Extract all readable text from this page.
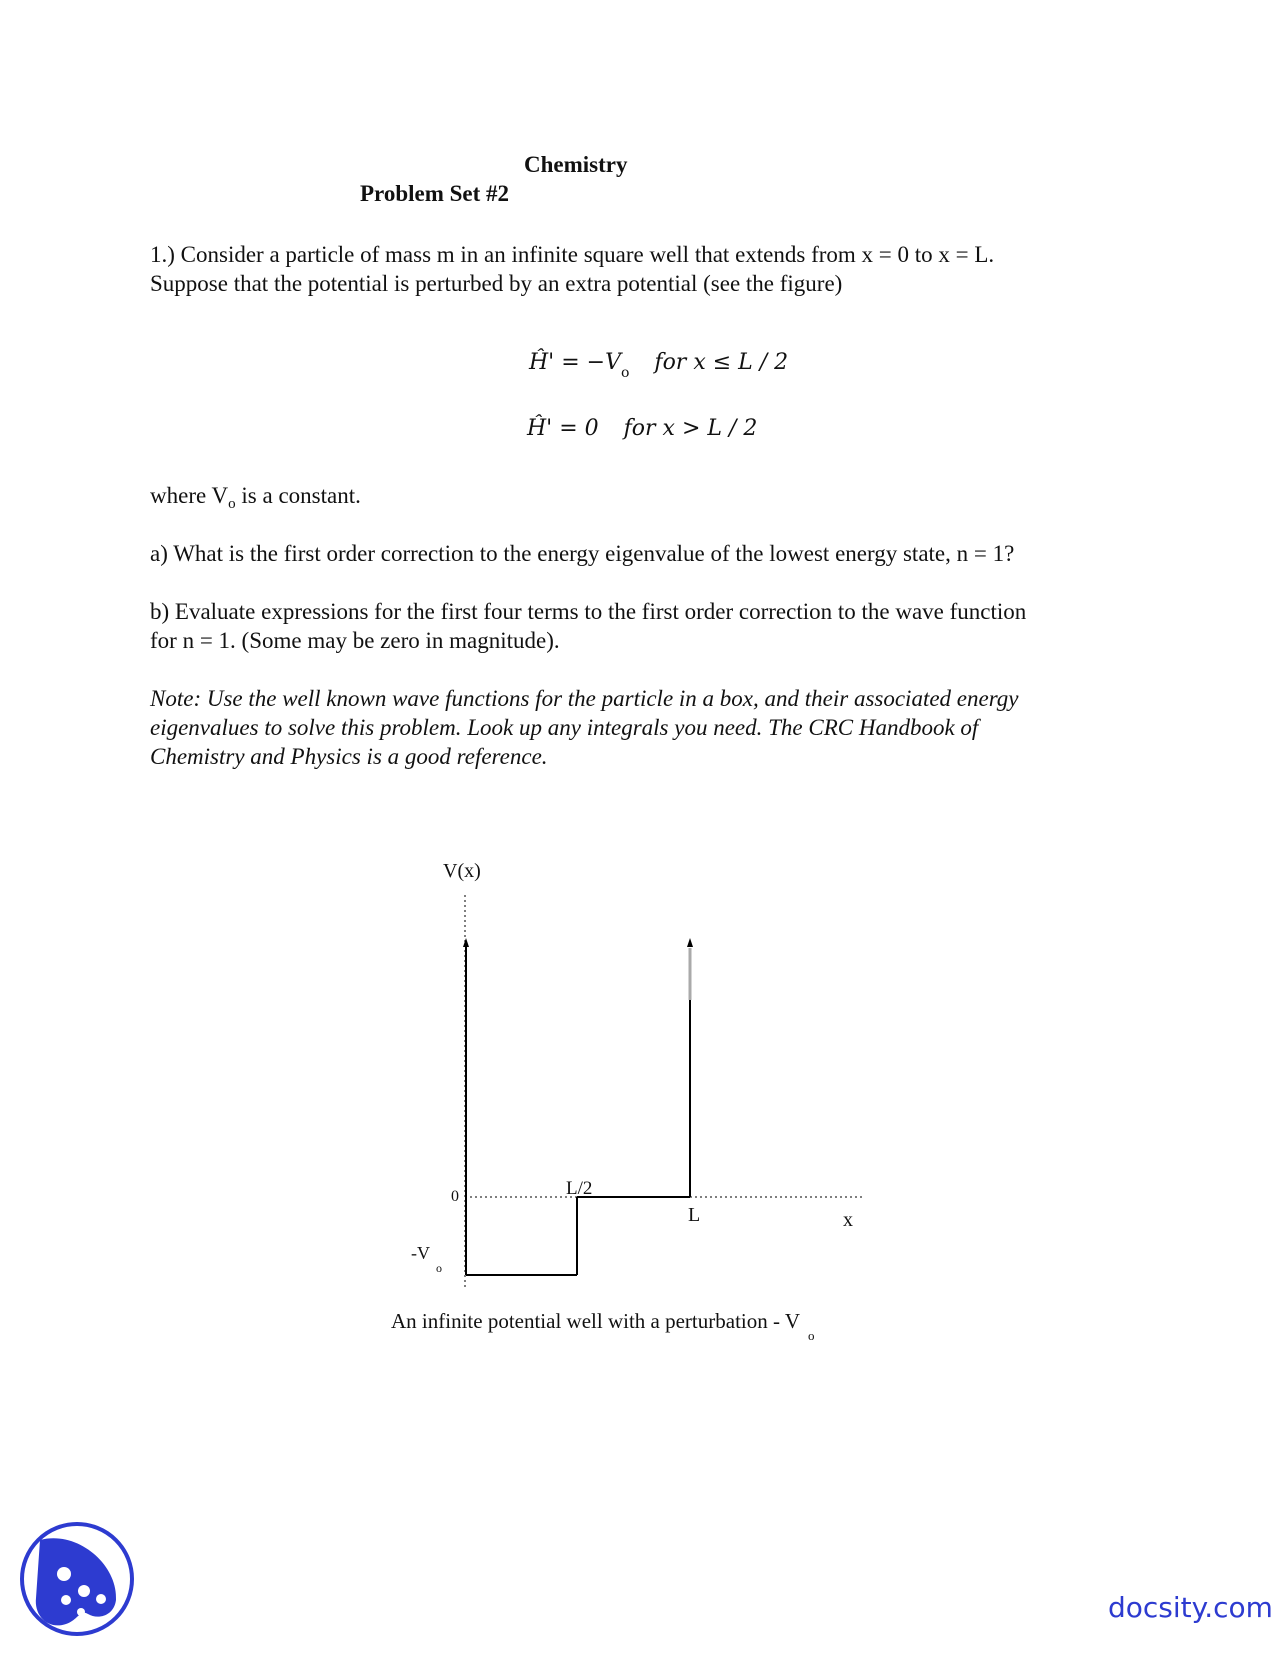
Chemistry
Problem Set #2
1.) Consider a particle of mass m in an infinite square well that extends from x = 0 to x = L.
Suppose that the potential is perturbed by an extra potential (see the figure)
Ĥ' = $-V_o$ for x ≤ L / 2
Ĥ' = 0 for x > L / 2
where $V_o$ is a constant.
a) What is the first order correction to the energy eigenvalue of the lowest energy state, n = 1?
b) Evaluate expressions for the first four terms to the first order correction to the wave function
for n = 1. (Some may be zero in magnitude).
Note: Use the well known wave functions for the particle in a box, and their associated energy
eigenvalues to solve this problem. Look up any integrals you need. The CRC Handbook of
Chemistry and Physics is a good reference.
V(x)
0	L/2
L	x
$-V_o$
An infinite potential well with a perturbation - $V_o$
docsity.com
